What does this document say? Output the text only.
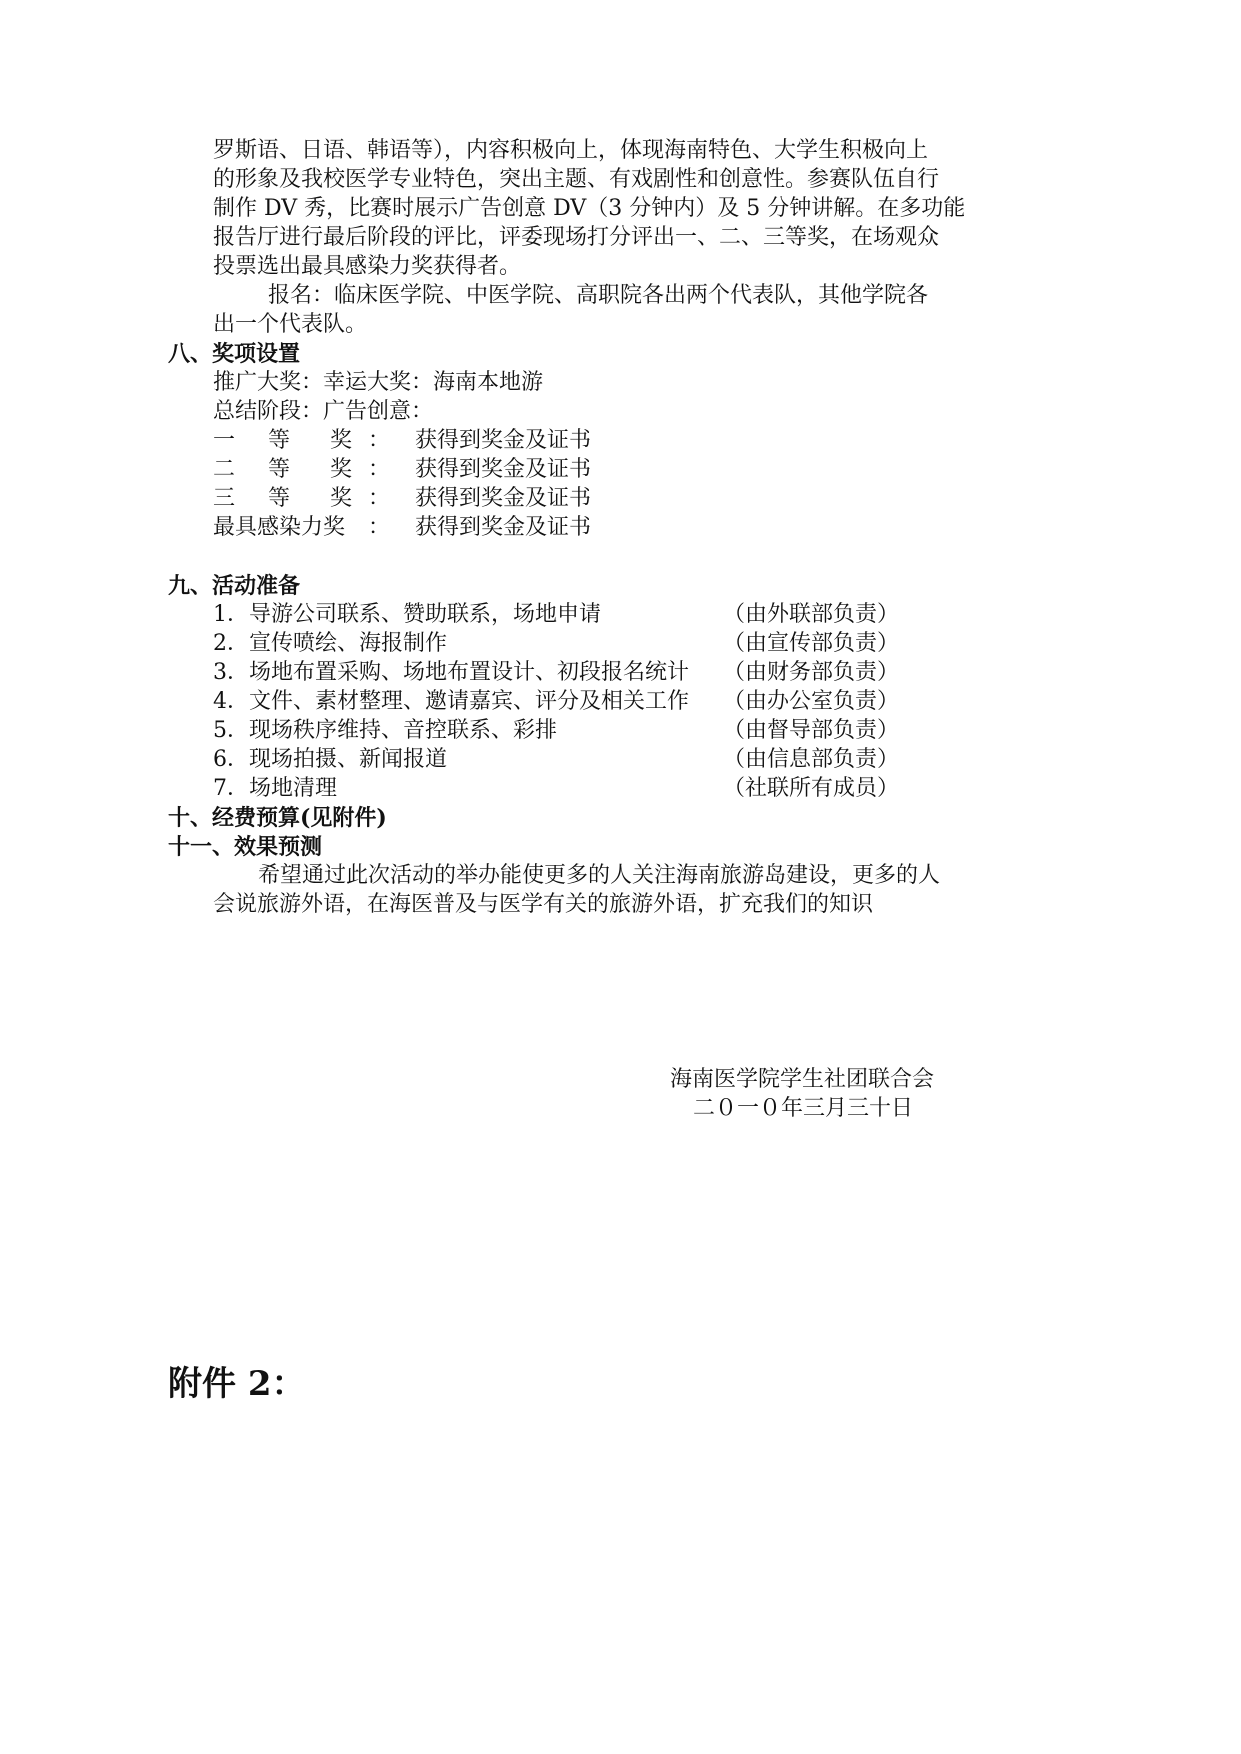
罗斯语、日语、韩语等），内容积极向上，体现海南特色、大学生积极向上
的形象及我校医学专业特色，突出主题、有戏剧性和创意性。参赛队伍自行
制作 DV 秀，比赛时展示广告创意 DV（3 分钟内）及 5 分钟讲解。在多功能
报告厅进行最后阶段的评比，评委现场打分评出一、二、三等奖，在场观众
投票选出最具感染力奖获得者。
报名：临床医学院、中医学院、高职院各出两个代表队，其他学院各
出一个代表队。
八、奖项设置
推广大奖：幸运大奖：海南本地游
总结阶段：广告创意：
一 等 奖 ： 获得到奖金及证书
二 等 奖 ： 获得到奖金及证书
三 等 奖 ： 获得到奖金及证书
最具感染力奖 ： 获得到奖金及证书
九、活动准备
1．导游公司联系、赞助联系，场地申请	（由外联部负责）
2．宣传喷绘、海报制作	（由宣传部负责）
3．场地布置采购、场地布置设计、初段报名统计 （由财务部负责）
4．文件、素材整理、邀请嘉宾、评分及相关工作 （由办公室负责）
5．现场秩序维持、音控联系、彩排	（由督导部负责）
6．现场拍摄、新闻报道	（由信息部负责）
7．场地清理	（社联所有成员）
十、经费预算(见附件)
十一、效果预测
希望通过此次活动的举办能使更多的人关注海南旅游岛建设，更多的人
会说旅游外语，在海医普及与医学有关的旅游外语，扩充我们的知识
海南医学院学生社团联合会
二０一０年三月三十日
附件 2：
